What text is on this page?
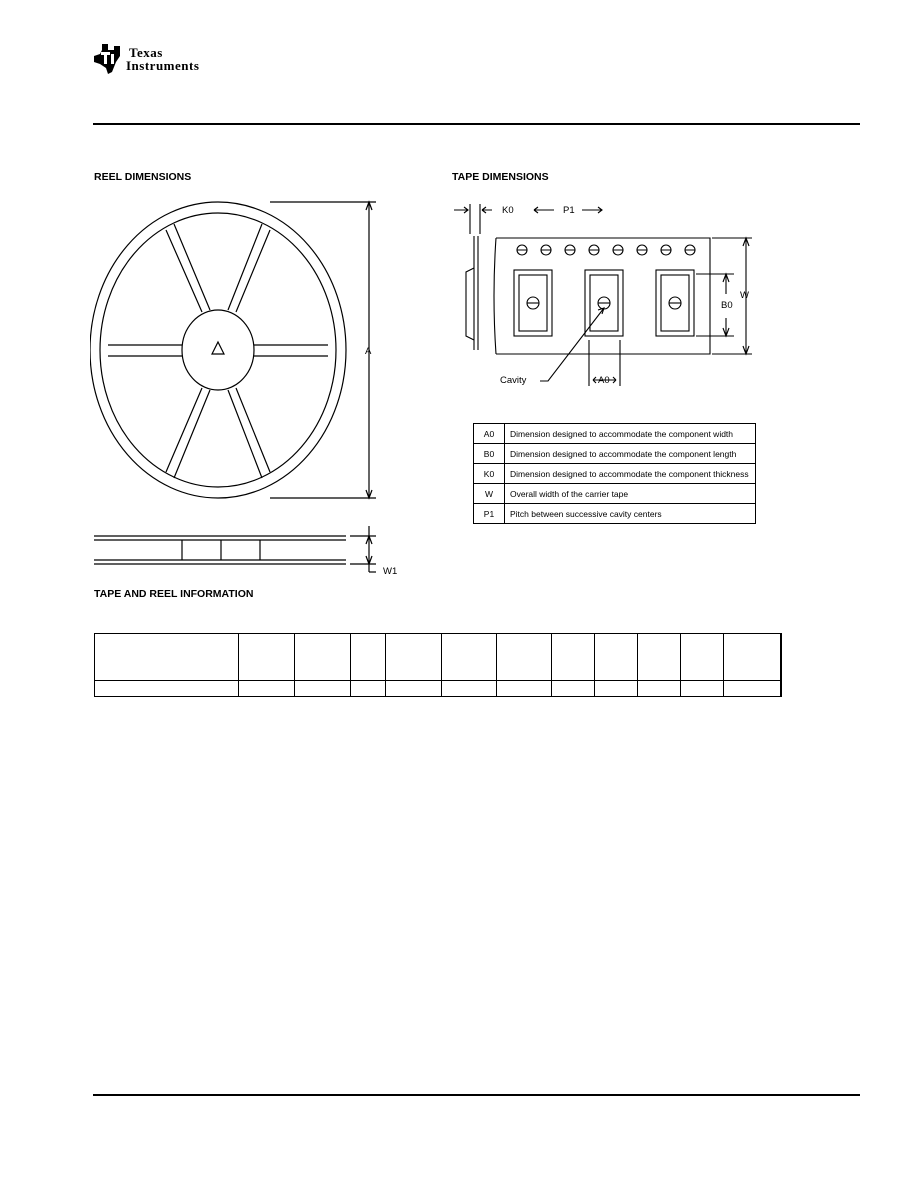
Texas
Instruments
REEL DIMENSIONS	TAPE DIMENSIONS
A
W1
K0	P1
B0
W
A0
Cavity
A0	Dimension designed to accommodate the component width
B0	Dimension designed to accommodate the component length
K0	Dimension designed to accommodate the component thickness
W	Overall width of the carrier tape
P1	Pitch between successive cavity centers
TAPE AND REEL INFORMATION
